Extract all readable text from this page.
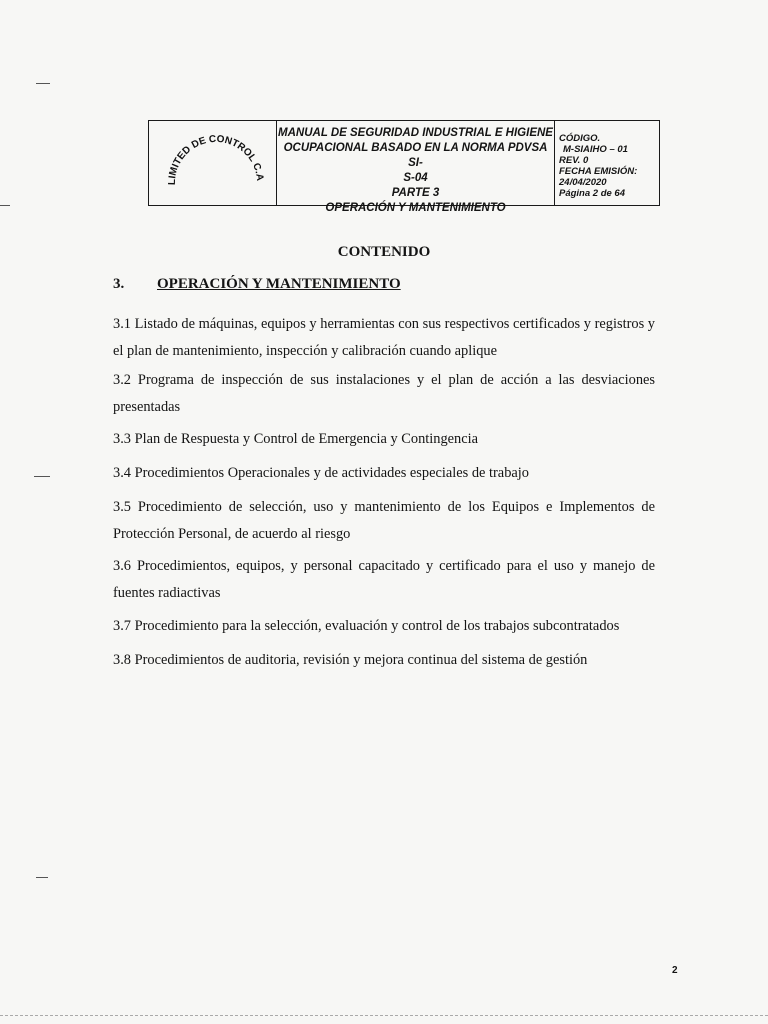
LIMITED DE CONTROL C.A
MANUAL DE SEGURIDAD INDUSTRIAL E HIGIENE
OCUPACIONAL BASADO EN LA NORMA PDVSA SI-
S-04
PARTE 3
OPERACIÓN Y MANTENIMIENTO
CÓDIGO.
M-SIAIHO – 01
REV. 0
FECHA EMISIÓN:
24/04/2020
Página 2 de 64
CONTENIDO
3. OPERACIÓN Y MANTENIMIENTO
3.1 Listado de máquinas, equipos y herramientas con sus respectivos certificados y registros y el plan de mantenimiento, inspección y calibración cuando aplique
3.2 Programa de inspección de sus instalaciones y el plan de acción a las desviaciones presentadas
3.3 Plan de Respuesta y Control de Emergencia y Contingencia
3.4 Procedimientos Operacionales y de actividades especiales de trabajo
3.5 Procedimiento de selección, uso y mantenimiento de los Equipos e Implementos de Protección Personal, de acuerdo al riesgo
3.6 Procedimientos, equipos, y personal capacitado y certificado para el uso y manejo de fuentes radiactivas
3.7 Procedimiento para la selección, evaluación y control de los trabajos subcontratados
3.8 Procedimientos de auditoria, revisión y mejora continua del sistema de gestión
2
